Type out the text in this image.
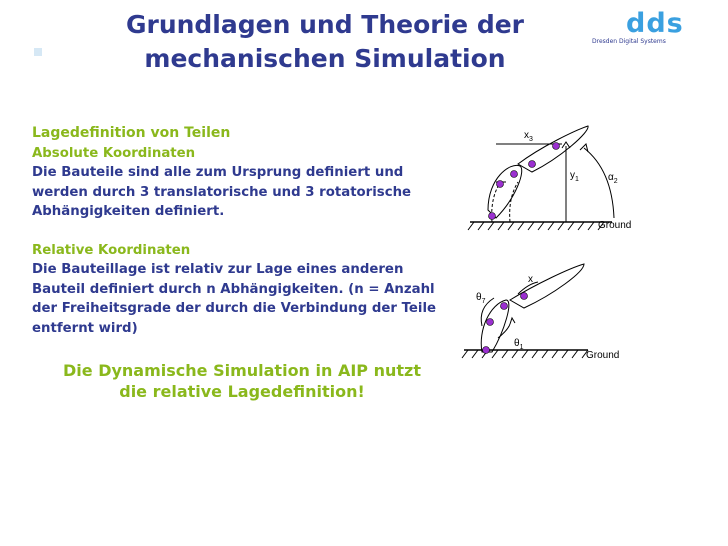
Grundlagen und Theorie der
mechanischen Simulation
dds
Dresden Digital Systems
Lagedefinition von Teilen
Absolute Koordinaten
Die Bauteile sind alle zum Ursprung definiert und werden durch 3 translatorische und 3 rotatorische Abhängigkeiten definiert.
Relative Koordinaten
Die Bauteillage ist relativ zur Lage eines anderen Bauteil definiert durch n Abhängigkeiten. (n = Anzahl der Freiheitsgrade der durch die Verbindung der Teile entfernt wird)
Die Dynamische Simulation in AIP nutzt
die relative Lagedefinition!
$x_3$
$y_1$	$\alpha_2$
Ground
x
$\theta_7$
$\theta_1$
Ground
